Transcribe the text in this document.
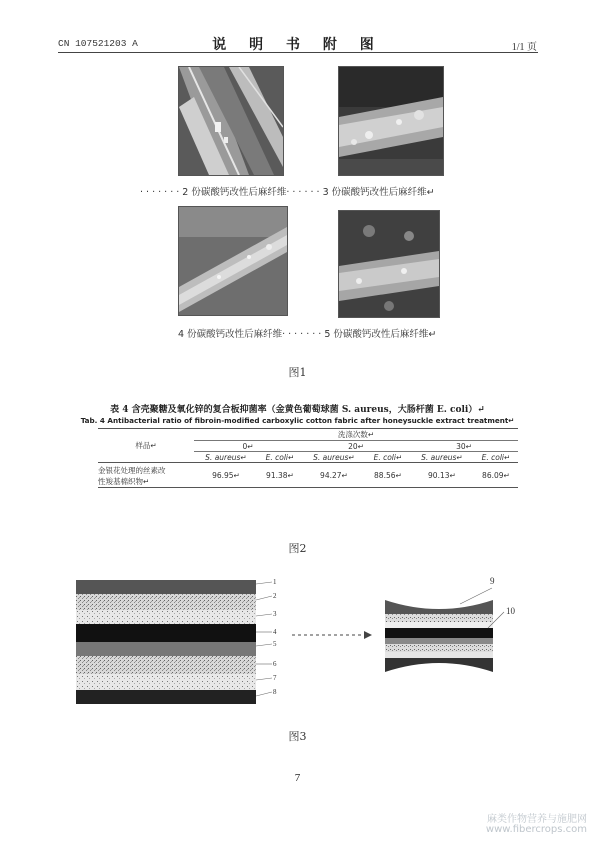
CN 107521203 A	说 明 书 附 图	1/1 页
· · · · · · · 2 份碳酸钙改性后麻纤维· · · · · · 3 份碳酸钙改性后麻纤维↵
4 份碳酸钙改性后麻纤维· · · · · · · 5 份碳酸钙改性后麻纤维↵
图1
表 4 含壳聚糖及氧化锌的复合板抑菌率（金黄色葡萄球菌 S. aureus，大肠杆菌 E. coli）↵
Tab. 4 Antibacterial ratio of fibroin-modified carboxylic cotton fabric after honeysuckle extract treatment↵
样品↵	洗涤次数↵					
	0↵		20↵		30↵	
	S. aureus↵	E. coli↵	S. aureus↵	E. coli↵	S. aureus↵	E. coli↵

金银花处理的丝素改
性羧基棉织物↵	96.95↵	91.38↵	94.27↵	88.56↵	90.13↵	86.09↵
图2
1
2
3
4
5
6
7
8
9
10
图3
7
麻类作物营养与施肥网
www.fibercrops.com
